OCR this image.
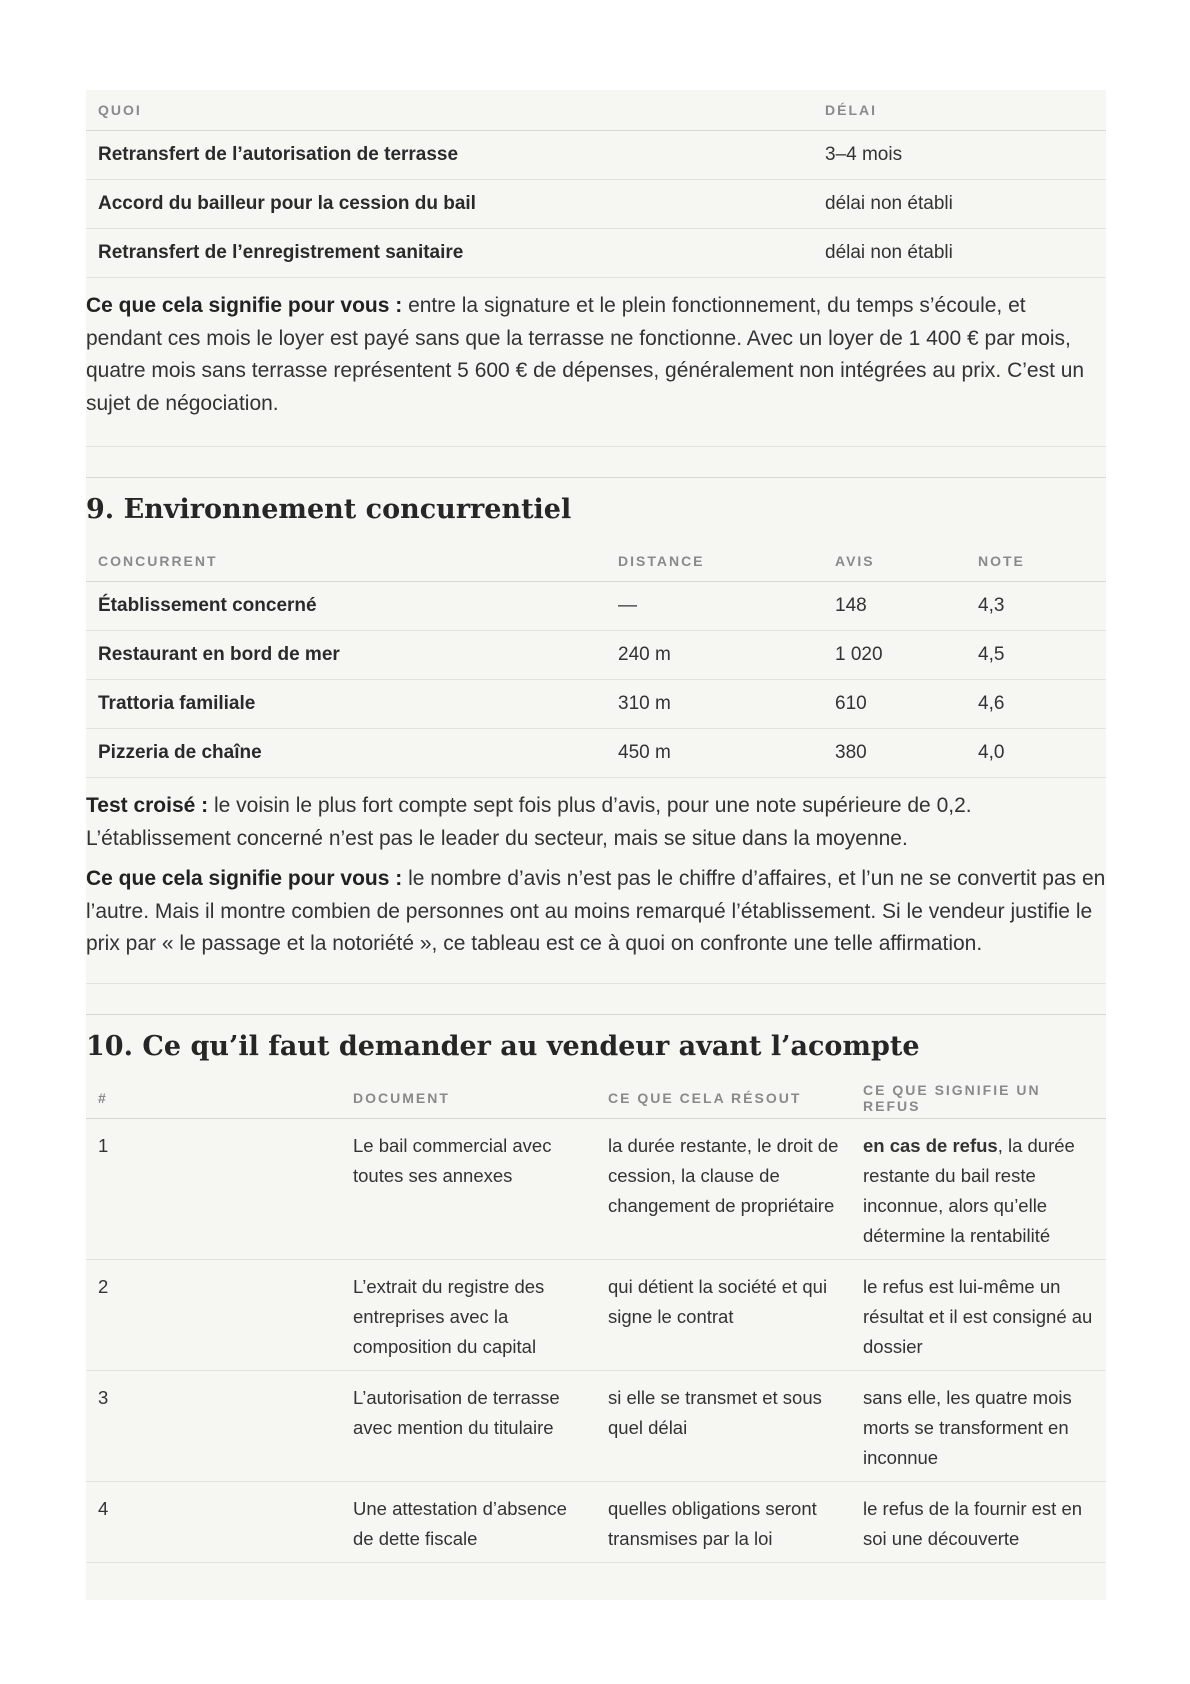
QUOI	DÉLAI
Retransfert de l’autorisation de terrasse	3–4 mois
Accord du bailleur pour la cession du bail	délai non établi
Retransfert de l’enregistrement sanitaire	délai non établi

Ce que cela signifie pour vous : entre la signature et le plein fonctionnement, du temps s’écoule, et pendant ces mois le loyer est payé sans que la terrasse ne fonctionne. Avec un loyer de 1 400 € par mois, quatre mois sans terrasse représentent 5 600 € de dépenses, généralement non intégrées au prix. C’est un sujet de négociation.

9. Environnement concurrentiel
CONCURRENT	DISTANCE	AVIS	NOTE
Établissement concerné	—	148	4,3
Restaurant en bord de mer	240 m	1 020	4,5
Trattoria familiale	310 m	610	4,6
Pizzeria de chaîne	450 m	380	4,0

Test croisé : le voisin le plus fort compte sept fois plus d’avis, pour une note supérieure de 0,2. L’établissement concerné n’est pas le leader du secteur, mais se situe dans la moyenne.

Ce que cela signifie pour vous : le nombre d’avis n’est pas le chiffre d’affaires, et l’un ne se convertit pas en l’autre. Mais il montre combien de personnes ont au moins remarqué l’établissement. Si le vendeur justifie le prix par « le passage et la notoriété », ce tableau est ce à quoi on confronte une telle affirmation.

10. Ce qu’il faut demander au vendeur avant l’acompte
#	DOCUMENT	CE QUE CELA RÉSOUT	CE QUE SIGNIFIE UN REFUS
1	Le bail commercial avec toutes ses annexes	la durée restante, le droit de cession, la clause de changement de propriétaire	en cas de refus, la durée restante du bail reste inconnue, alors qu’elle détermine la rentabilité
2	L’extrait du registre des entreprises avec la composition du capital	qui détient la société et qui signe le contrat	le refus est lui-même un résultat et il est consigné au dossier
3	L’autorisation de terrasse avec mention du titulaire	si elle se transmet et sous quel délai	sans elle, les quatre mois morts se transforment en inconnue
4	Une attestation d’absence de dette fiscale	quelles obligations seront transmises par la loi	le refus de la fournir est en soi une découverte
